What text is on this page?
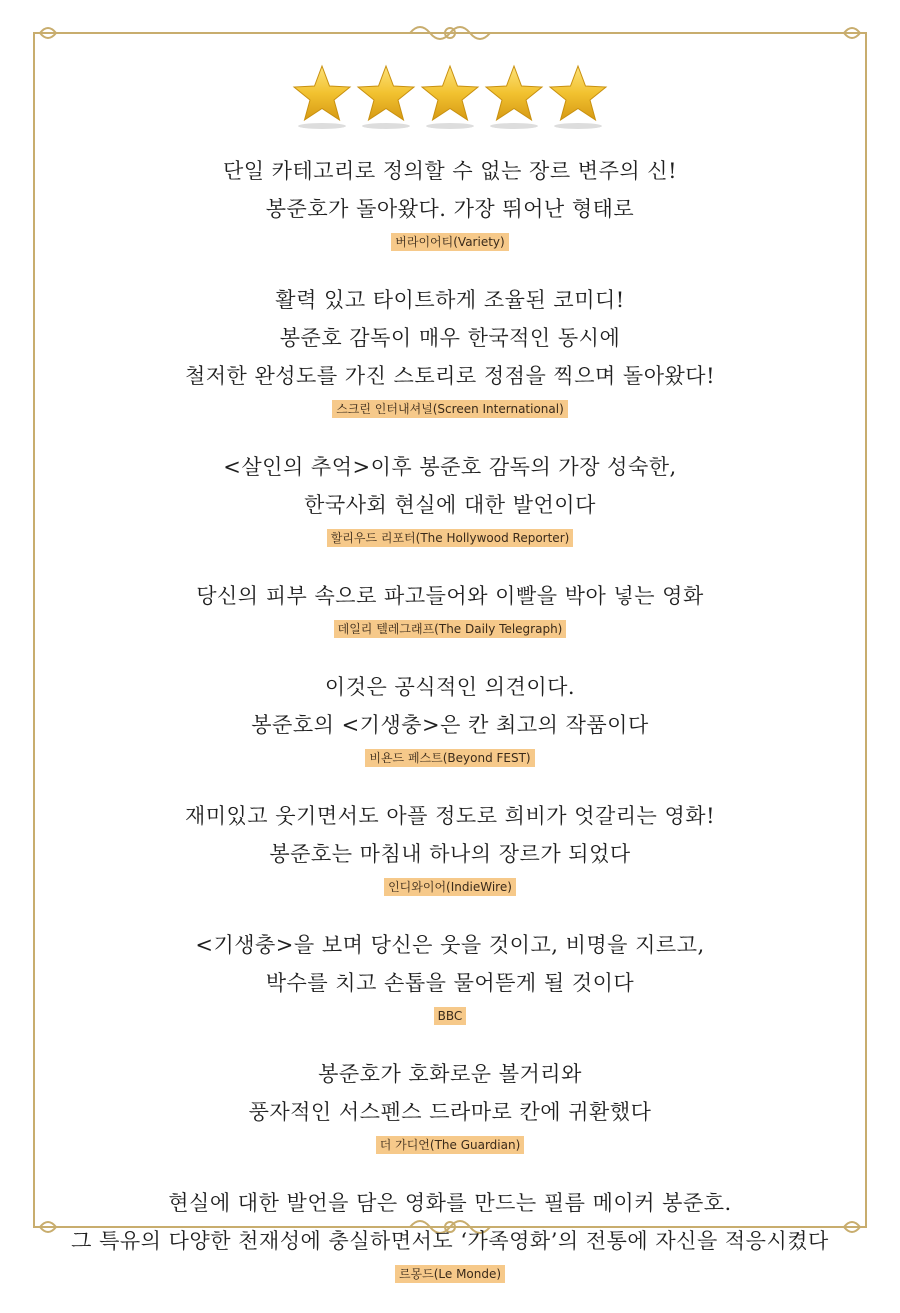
단일 카테고리로 정의할 수 없는 장르 변주의 신!
봉준호가 돌아왔다. 가장 뛰어난 형태로
버라이어티(Variety)
활력 있고 타이트하게 조율된 코미디!
봉준호 감독이 매우 한국적인 동시에
철저한 완성도를 가진 스토리로 정점을 찍으며 돌아왔다!
스크린 인터내셔널(Screen International)
<살인의 추억>이후 봉준호 감독의 가장 성숙한,
한국사회 현실에 대한 발언이다
할리우드 리포터(The Hollywood Reporter)
당신의 피부 속으로 파고들어와 이빨을 박아 넣는 영화
데일리 텔레그래프(The Daily Telegraph)
이것은 공식적인 의견이다.
봉준호의 <기생충>은 칸 최고의 작품이다
비욘드 페스트(Beyond FEST)
재미있고 웃기면서도 아플 정도로 희비가 엇갈리는 영화!
봉준호는 마침내 하나의 장르가 되었다
인디와이어(IndieWire)
<기생충>을 보며 당신은 웃을 것이고, 비명을 지르고,
박수를 치고 손톱을 물어뜯게 될 것이다
BBC
봉준호가 호화로운 볼거리와
풍자적인 서스펜스 드라마로 칸에 귀환했다
더 가디언(The Guardian)
현실에 대한 발언을 담은 영화를 만드는 필름 메이커 봉준호.
그 특유의 다양한 천재성에 충실하면서도 ‘가족영화’의 전통에 자신을 적응시켰다
르몽드(Le Monde)
